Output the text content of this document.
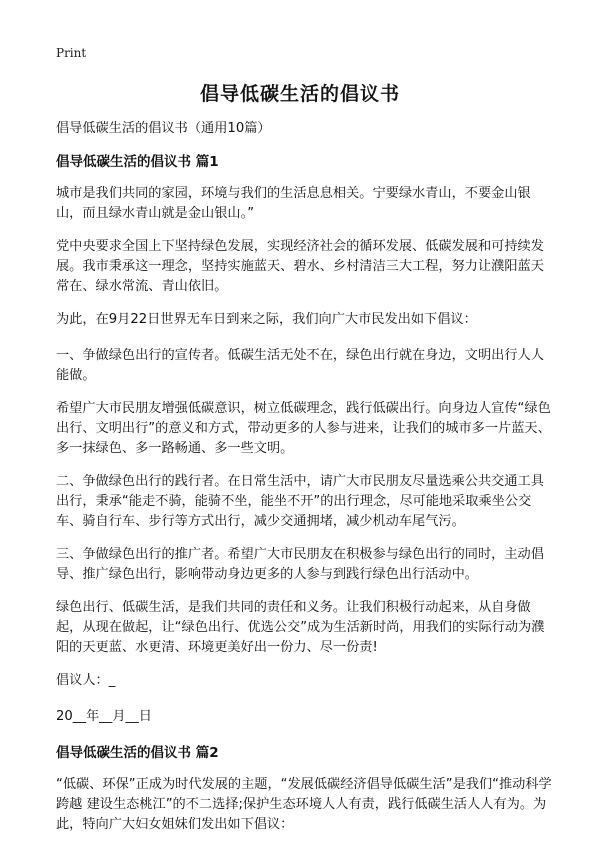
Print
倡导低碳生活的倡议书

倡导低碳生活的倡议书（通用10篇）

倡导低碳生活的倡议书 篇1

城市是我们共同的家园，环境与我们的生活息息相关。宁要绿水青山，不要金山银山，而且绿水青山就是金山银山。”

党中央要求全国上下坚持绿色发展，实现经济社会的循环发展、低碳发展和可持续发展。我市秉承这一理念，坚持实施蓝天、碧水、乡村清洁三大工程，努力让濮阳蓝天常在、绿水常流、青山依旧。

为此，在9月22日世界无车日到来之际，我们向广大市民发出如下倡议：

一、争做绿色出行的宣传者。低碳生活无处不在，绿色出行就在身边，文明出行人人能做。

希望广大市民朋友增强低碳意识，树立低碳理念，践行低碳出行。向身边人宣传“绿色出行、文明出行”的意义和方式，带动更多的人参与进来，让我们的城市多一片蓝天、多一抹绿色、多一路畅通、多一些文明。

二、争做绿色出行的践行者。在日常生活中，请广大市民朋友尽量选乘公共交通工具出行，秉承“能走不骑，能骑不坐，能坐不开”的出行理念，尽可能地采取乘坐公交车、骑自行车、步行等方式出行，减少交通拥堵，减少机动车尾气污。

三、争做绿色出行的推广者。希望广大市民朋友在积极参与绿色出行的同时，主动倡导、推广绿色出行，影响带动身边更多的人参与到践行绿色出行活动中。

绿色出行、低碳生活，是我们共同的责任和义务。让我们积极行动起来，从自身做起，从现在做起，让“绿色出行、优选公交”成为生活新时尚，用我们的实际行动为濮阳的天更蓝、水更清、环境更美好出一份力、尽一份责!

倡议人：_

20__年__月__日

倡导低碳生活的倡议书 篇2

“低碳、环保”正成为时代发展的主题，“发展低碳经济倡导低碳生活”是我们“推动科学跨越 建设生态桃江”的不二选择;保护生态环境人人有责，践行低碳生活人人有为。为此，特向广大妇女姐妹们发出如下倡议：
